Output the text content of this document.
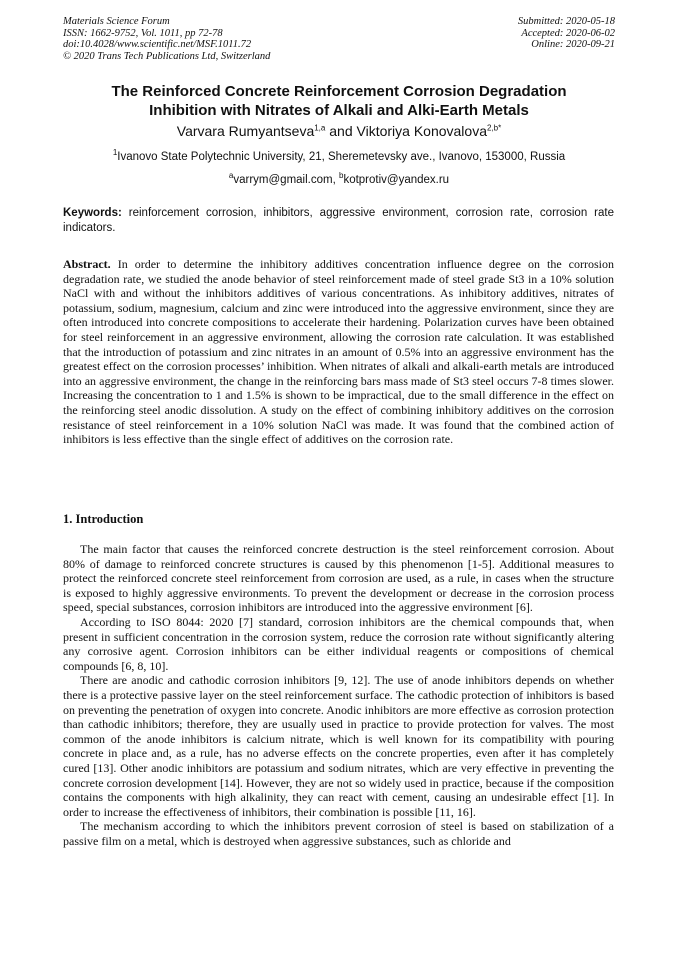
Materials Science Forum
ISSN: 1662-9752, Vol. 1011, pp 72-78
doi:10.4028/www.scientific.net/MSF.1011.72
© 2020 Trans Tech Publications Ltd, Switzerland
Submitted: 2020-05-18
Accepted: 2020-06-02
Online: 2020-09-21
The Reinforced Concrete Reinforcement Corrosion Degradation
Inhibition with Nitrates of Alkali and Alki-Earth Metals
Varvara Rumyantseva$^{1,a}$ and Viktoriya Konovalova$^{2,b*}$
$^1$Ivanovo State Polytechnic University, 21, Sheremetevsky ave., Ivanovo, 153000, Russia
$^a$varrym@gmail.com, $^b$kotprotiv@yandex.ru
Keywords: reinforcement corrosion, inhibitors, aggressive environment, corrosion rate, corrosion rate indicators.
Abstract. In order to determine the inhibitory additives concentration influence degree on the corrosion degradation rate, we studied the anode behavior of steel reinforcement made of steel grade St3 in a 10% solution NaCl with and without the inhibitors additives of various concentrations. As inhibitory additives, nitrates of potassium, sodium, magnesium, calcium and zinc were introduced into the aggressive environment, since they are often introduced into concrete compositions to accelerate their hardening. Polarization curves have been obtained for steel reinforcement in an aggressive environment, allowing the corrosion rate calculation. It was established that the introduction of potassium and zinc nitrates in an amount of 0.5% into an aggressive environment has the greatest effect on the corrosion processes’ inhibition. When nitrates of alkali and alkali-earth metals are introduced into an aggressive environment, the change in the reinforcing bars mass made of St3 steel occurs 7-8 times slower. Increasing the concentration to 1 and 1.5% is shown to be impractical, due to the small difference in the effect on the reinforcing steel anodic dissolution. A study on the effect of combining inhibitory additives on the corrosion resistance of steel reinforcement in a 10% solution NaCl was made. It was found that the combined action of inhibitors is less effective than the single effect of additives on the corrosion rate.
1. Introduction

The main factor that causes the reinforced concrete destruction is the steel reinforcement corrosion. About 80% of damage to reinforced concrete structures is caused by this phenomenon [1-5]. Additional measures to protect the reinforced concrete steel reinforcement from corrosion are used, as a rule, in cases when the structure is exposed to highly aggressive environments. To prevent the development or decrease in the corrosion process speed, special substances, corrosion inhibitors are introduced into the aggressive environment [6].

According to ISO 8044: 2020 [7] standard, corrosion inhibitors are the chemical compounds that, when present in sufficient concentration in the corrosion system, reduce the corrosion rate without significantly altering any corrosive agent. Corrosion inhibitors can be either individual reagents or compositions of chemical compounds [6, 8, 10].

There are anodic and cathodic corrosion inhibitors [9, 12]. The use of anode inhibitors depends on whether there is a protective passive layer on the steel reinforcement surface. The cathodic protection of inhibitors is based on preventing the penetration of oxygen into concrete. Anodic inhibitors are more effective as corrosion protection than cathodic inhibitors; therefore, they are usually used in practice to provide protection for valves. The most common of the anode inhibitors is calcium nitrate, which is well known for its compatibility with pouring concrete in place and, as a rule, has no adverse effects on the concrete properties, even after it has completely cured [13]. Other anodic inhibitors are potassium and sodium nitrates, which are very effective in preventing the concrete corrosion development [14]. However, they are not so widely used in practice, because if the composition contains the components with high alkalinity, they can react with cement, causing an undesirable effect [1]. In order to increase the effectiveness of inhibitors, their combination is possible [11, 16].

The mechanism according to which the inhibitors prevent corrosion of steel is based on stabilization of a passive film on a metal, which is destroyed when aggressive substances, such as chloride and
